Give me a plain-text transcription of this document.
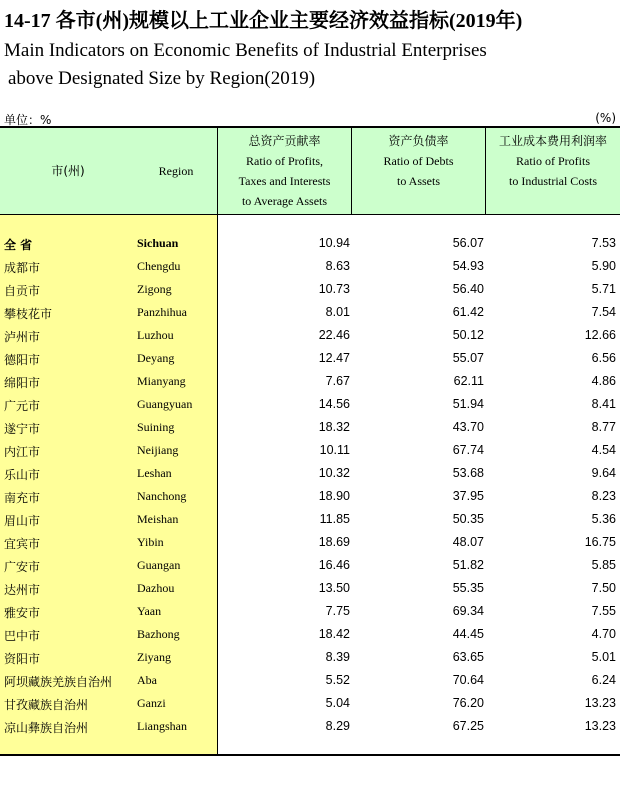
14-17 各市(州)规模以上工业企业主要经济效益指标(2019年)
Main Indicators on Economic Benefits of Industrial Enterprises
above Designated Size by Region(2019)
单位：%	(%)
市(州)	Region
总资产贡献率
Ratio of Profits,
Taxes and Interests
to Average Assets
资产负债率
Ratio of Debts
to Assets
工业成本费用利润率
Ratio of Profits
to Industrial Costs
全 省	Sichuan	10.94	56.07	7.53
成都市	Chengdu	8.63	54.93	5.90
自贡市	Zigong	10.73	56.40	5.71
攀枝花市	Panzhihua	8.01	61.42	7.54
泸州市	Luzhou	22.46	50.12	12.66
德阳市	Deyang	12.47	55.07	6.56
绵阳市	Mianyang	7.67	62.11	4.86
广元市	Guangyuan	14.56	51.94	8.41
遂宁市	Suining	18.32	43.70	8.77
内江市	Neijiang	10.11	67.74	4.54
乐山市	Leshan	10.32	53.68	9.64
南充市	Nanchong	18.90	37.95	8.23
眉山市	Meishan	11.85	50.35	5.36
宜宾市	Yibin	18.69	48.07	16.75
广安市	Guangan	16.46	51.82	5.85
达州市	Dazhou	13.50	55.35	7.50
雅安市	Yaan	7.75	69.34	7.55
巴中市	Bazhong	18.42	44.45	4.70
资阳市	Ziyang	8.39	63.65	5.01
阿坝藏族羌族自治州 Aba	5.52	70.64	6.24
甘孜藏族自治州	Ganzi	5.04	76.20	13.23
凉山彝族自治州	Liangshan	8.29	67.25	13.23
